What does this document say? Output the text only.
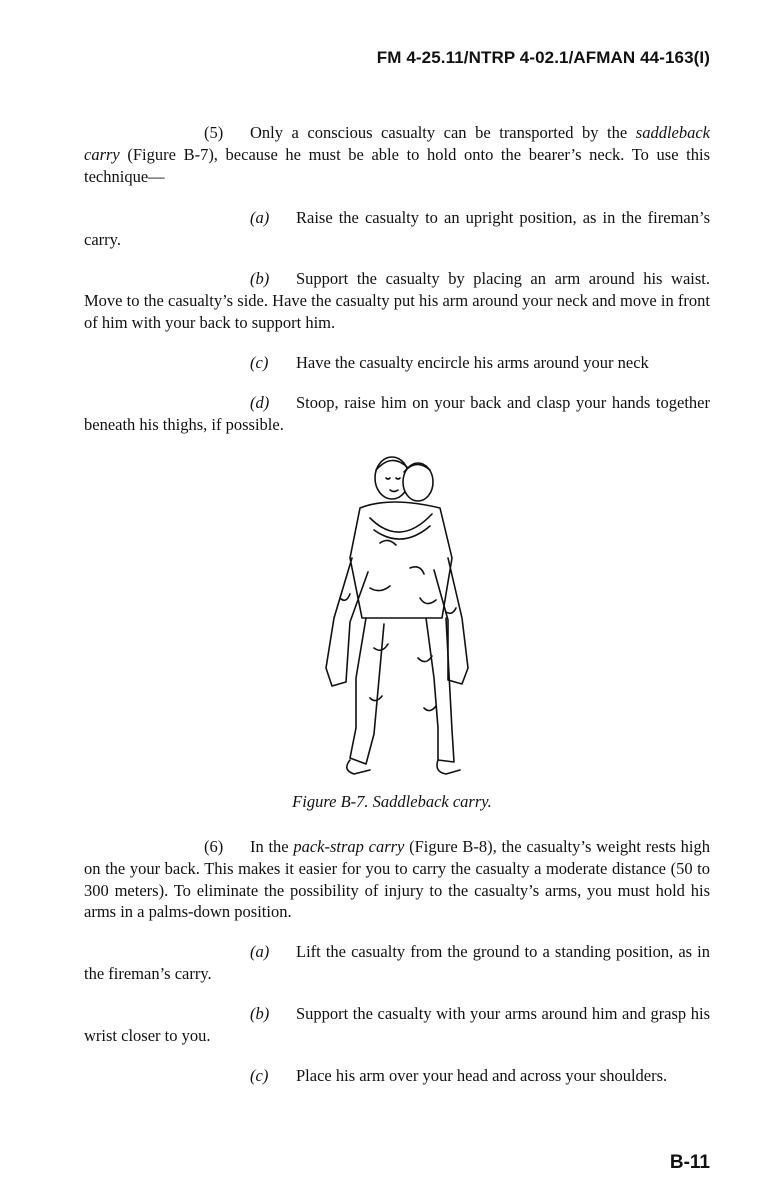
FM 4-25.11/NTRP 4-02.1/AFMAN 44-163(I)
(5) Only a conscious casualty can be transported by the saddleback carry (Figure B-7), because he must be able to hold onto the bearer’s neck. To use this technique—
(a) Raise the casualty to an upright position, as in the fireman’s carry.
(b) Support the casualty by placing an arm around his waist. Move to the casualty’s side. Have the casualty put his arm around your neck and move in front of him with your back to support him.
(c) Have the casualty encircle his arms around your neck
(d) Stoop, raise him on your back and clasp your hands together beneath his thighs, if possible.
Figure B-7. Saddleback carry.
(6) In the pack-strap carry (Figure B-8), the casualty’s weight rests high on the your back. This makes it easier for you to carry the casualty a moderate distance (50 to 300 meters). To eliminate the possibility of injury to the casualty’s arms, you must hold his arms in a palms-down position.
(a) Lift the casualty from the ground to a standing position, as in the fireman’s carry.
(b) Support the casualty with your arms around him and grasp his wrist closer to you.
(c) Place his arm over your head and across your shoulders.
B-11
